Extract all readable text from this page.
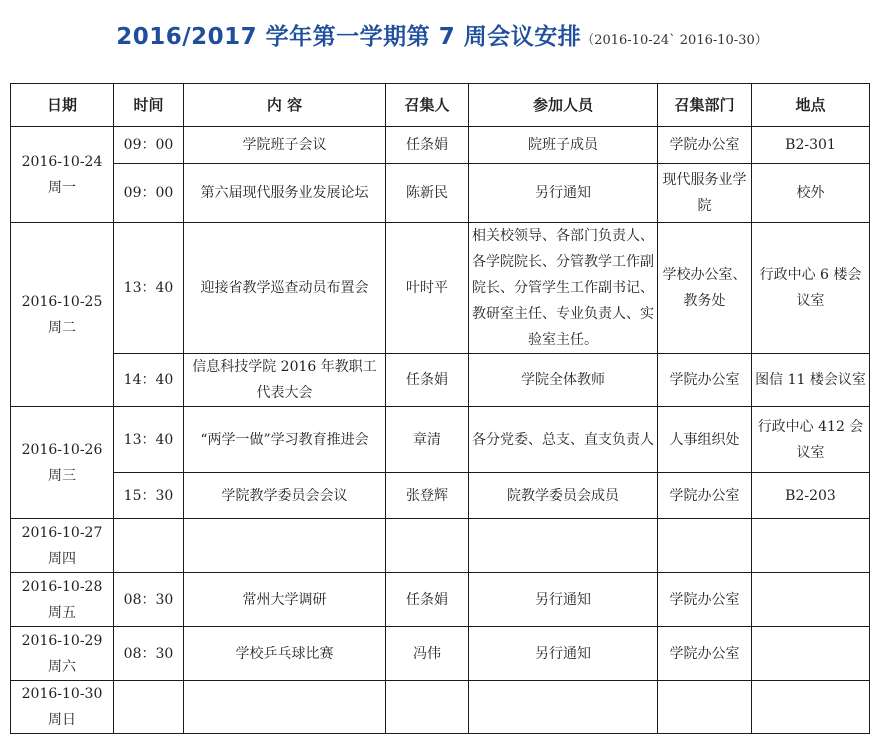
2016/2017 学年第一学期第 7 周会议安排（2016-10-24` 2016-10-30）
日期	时间	内 容	召集人	参加人员	召集部门	地点

2016-10-24
周一	09：00	学院班子会议	任条娟	院班子成员	学院办公室	B2-301
	09：00	第六届现代服务业发展论坛	陈新民	另行通知	现代服务业学院	校外

2016-10-25
周二	13：40	迎接省教学巡查动员布置会	叶时平	相关校领导、各部门负责人、各学院院长、分管教学工作副院长、分管学生工作副书记、教研室主任、专业负责人、实验室主任。	学校办公室、教务处	行政中心 6 楼会议室
	14：40	信息科技学院 2016 年教职工代表大会	任条娟	学院全体教师	学院办公室	图信 11 楼会议室

2016-10-26
周三	13：40	“两学一做”学习教育推进会	章清	各分党委、总支、直支负责人	人事组织处	行政中心 412 会议室
	15：30	学院教学委员会会议	张登辉	院教学委员会成员	学院办公室	B2-203

2016-10-27
周四						

2016-10-28
周五	08：30	常州大学调研	任条娟	另行通知	学院办公室	

2016-10-29
周六	08：30	学校乒乓球比赛	冯伟	另行通知	学院办公室	

2016-10-30
周日						
